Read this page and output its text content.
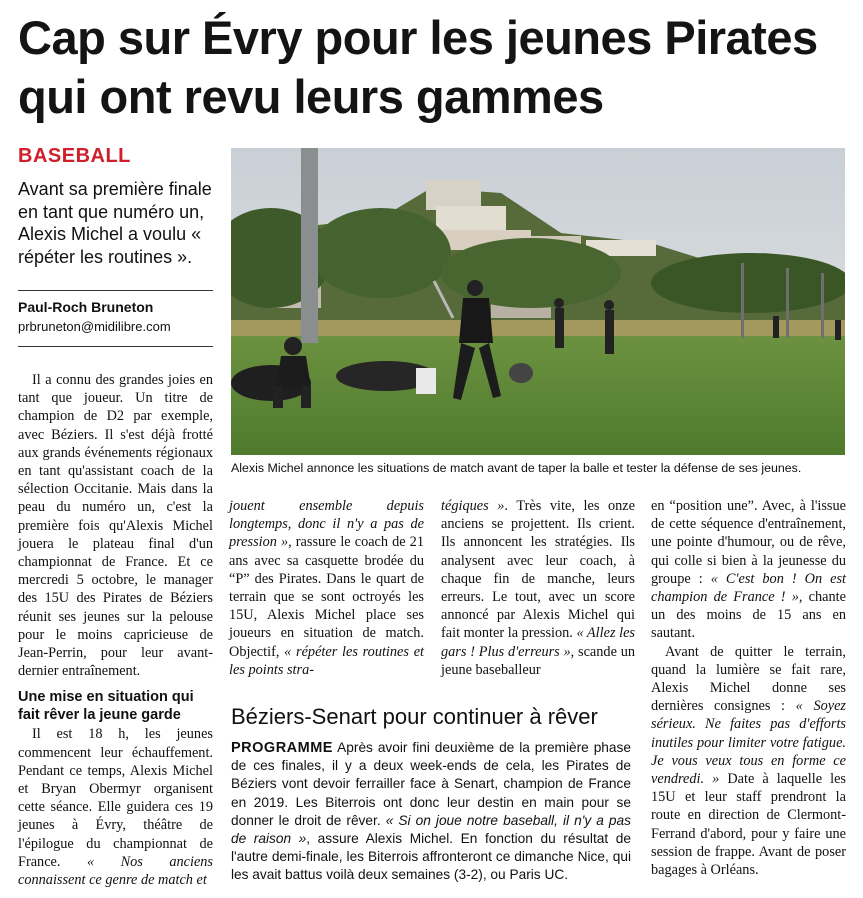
Cap sur Évry pour les jeunes Pirates qui ont revu leurs gammes
BASEBALL
Avant sa première finale en tant que numéro un, Alexis Michel a voulu « répéter les routines ».
Paul-Roch Bruneton
prbruneton@midilibre.com

Il a connu des grandes joies en tant que joueur. Un titre de champion de D2 par exemple, avec Béziers. Il s'est déjà frotté aux grands événements régionaux en tant qu'assistant coach de la sélection Occitanie. Mais dans la peau du numéro un, c'est la première fois qu'Alexis Michel jouera le plateau final d'un championnat de France. Et ce mercredi 5 octobre, le manager des 15U des Pirates de Béziers réunit ses jeunes sur la pelouse pour le moins capricieuse de Jean-Perrin, pour leur avant-dernier entraînement.

Une mise en situation qui fait rêver la jeune garde

Il est 18 h, les jeunes commencent leur échauffement. Pendant ce temps, Alexis Michel et Bryan Obermyr organisent cette séance. Elle guidera ces 19 jeunes à Évry, théâtre de l'épilogue du championnat de France. « Nos anciens connaissent ce genre de match et

Alexis Michel annonce les situations de match avant de taper la balle et tester la défense de ses jeunes.

jouent ensemble depuis longtemps, donc il n'y a pas de pression », rassure le coach de 21 ans avec sa casquette brodée du “P” des Pirates. Dans le quart de terrain que se sont octroyés les 15U, Alexis Michel place ses joueurs en situation de match. Objectif, « répéter les routines et les points stra-

tégiques ». Très vite, les onze anciens se projettent. Ils crient. Ils annoncent les stratégies. Ils analysent avec leur coach, à chaque fin de manche, leurs erreurs. Le tout, avec un score annoncé par Alexis Michel qui fait monter la pression. « Allez les gars ! Plus d'erreurs », scande un jeune baseballeur

en “position une”. Avec, à l'issue de cette séquence d'entraînement, une pointe d'humour, ou de rêve, qui colle si bien à la jeunesse du groupe : « C'est bon ! On est champion de France ! », chante un des moins de 15 ans en sautant.

Avant de quitter le terrain, quand la lumière se fait rare, Alexis Michel donne ses dernières consignes : « Soyez sérieux. Ne faites pas d'efforts inutiles pour limiter votre fatigue. Je vous veux tous en forme ce vendredi. » Date à laquelle les 15U et leur staff prendront la route en direction de Clermont-Ferrand d'abord, pour y faire une session de frappe. Avant de poser bagages à Orléans.

Béziers-Senart pour continuer à rêver
PROGRAMME Après avoir fini deuxième de la première phase de ces finales, il y a deux week-ends de cela, les Pirates de Béziers vont devoir ferrailler face à Senart, champion de France en 2019. Les Biterrois ont donc leur destin en main pour se donner le droit de rêver. « Si on joue notre baseball, il n'y a pas de raison », assure Alexis Michel. En fonction du résultat de l'autre demi-finale, les Biterrois affronteront ce dimanche Nice, qui les avait battus voilà deux semaines (3-2), ou Paris UC.
